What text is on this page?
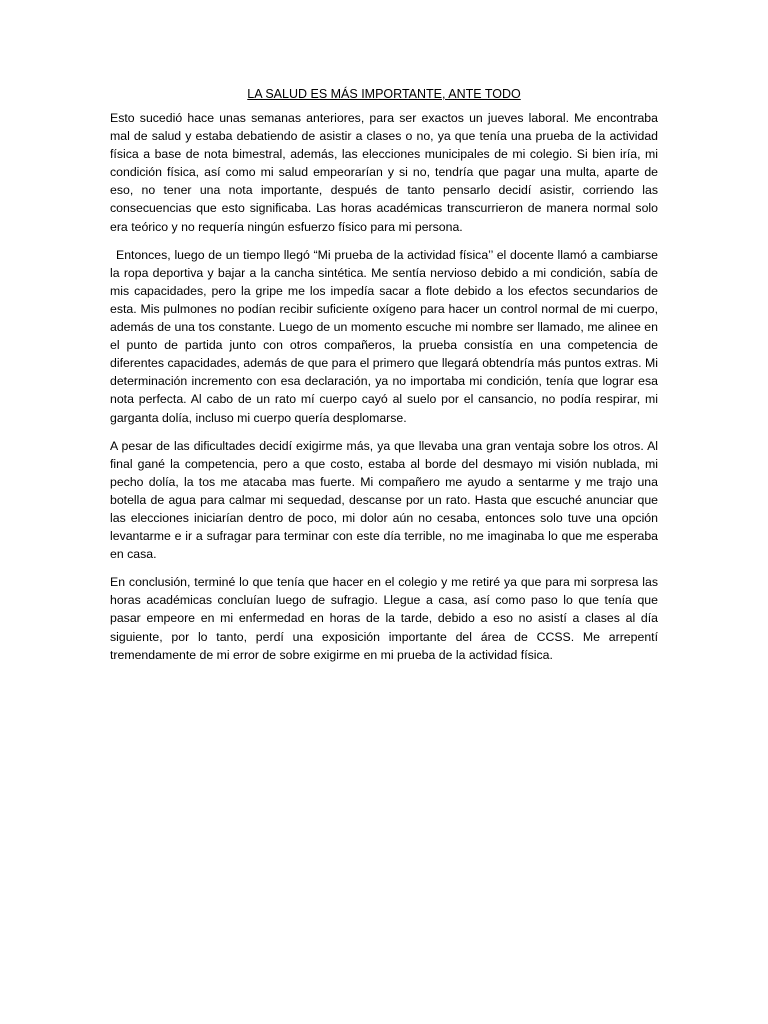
LA SALUD ES MÁS IMPORTANTE, ANTE TODO

Esto sucedió hace unas semanas anteriores, para ser exactos un jueves laboral. Me encontraba mal de salud y estaba debatiendo de asistir a clases o no, ya que tenía una prueba de la actividad física a base de nota bimestral, además, las elecciones municipales de mi colegio. Si bien iría, mi condición física, así como mi salud empeorarían y si no, tendría que pagar una multa, aparte de eso, no tener una nota importante, después de tanto pensarlo decidí asistir, corriendo las consecuencias que esto significaba. Las horas académicas transcurrieron de manera normal solo era teórico y no requería ningún esfuerzo físico para mi persona.

Entonces, luego de un tiempo llegó “Mi prueba de la actividad física’’ el docente llamó a cambiarse la ropa deportiva y bajar a la cancha sintética. Me sentía nervioso debido a mi condición, sabía de mis capacidades, pero la gripe me los impedía sacar a flote debido a los efectos secundarios de esta. Mis pulmones no podían recibir suficiente oxígeno para hacer un control normal de mi cuerpo, además de una tos constante. Luego de un momento escuche mi nombre ser llamado, me alinee en el punto de partida junto con otros compañeros, la prueba consistía en una competencia de diferentes capacidades, además de que para el primero que llegará obtendría más puntos extras. Mi determinación incremento con esa declaración, ya no importaba mi condición, tenía que lograr esa nota perfecta. Al cabo de un rato mí cuerpo cayó al suelo por el cansancio, no podía respirar, mi garganta dolía, incluso mi cuerpo quería desplomarse.

A pesar de las dificultades decidí exigirme más, ya que llevaba una gran ventaja sobre los otros. Al final gané la competencia, pero a que costo, estaba al borde del desmayo mi visión nublada, mi pecho dolía, la tos me atacaba mas fuerte. Mi compañero me ayudo a sentarme y me trajo una botella de agua para calmar mi sequedad, descanse por un rato. Hasta que escuché anunciar que las elecciones iniciarían dentro de poco, mi dolor aún no cesaba, entonces solo tuve una opción levantarme e ir a sufragar para terminar con este día terrible, no me imaginaba lo que me esperaba en casa.

En conclusión, terminé lo que tenía que hacer en el colegio y me retiré ya que para mi sorpresa las horas académicas concluían luego de sufragio. Llegue a casa, así como paso lo que tenía que pasar empeore en mi enfermedad en horas de la tarde, debido a eso no asistí a clases al día siguiente, por lo tanto, perdí una exposición importante del área de CCSS. Me arrepentí tremendamente de mi error de sobre exigirme en mi prueba de la actividad física.
